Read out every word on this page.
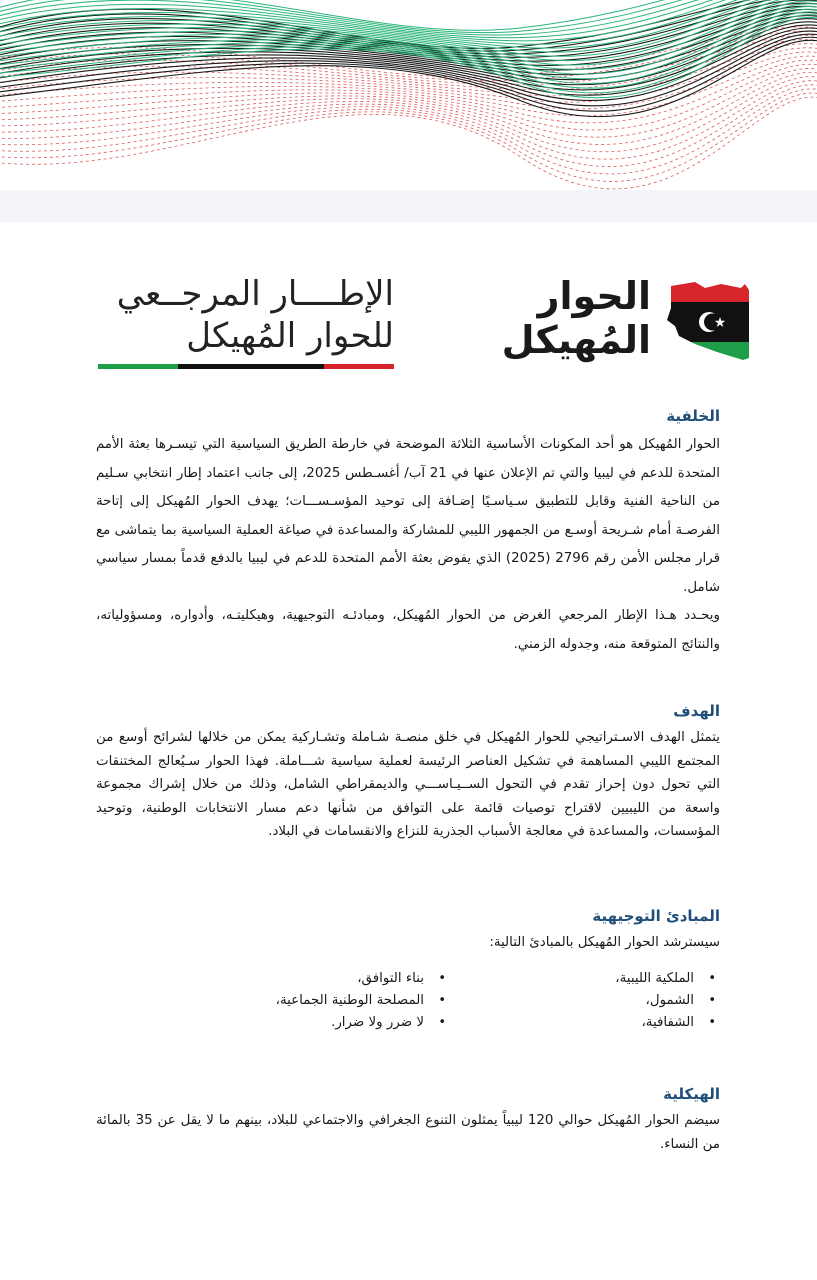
الحوار
المُهيكل
الإطــــار المرجــعي
للحوار المُهيكل
الخلفية

الحوار المُهيكل هو أحد المكونات الأساسية الثلاثة الموضحة في خارطة الطريق السياسية التي تيسـرها بعثة الأمم المتحدة للدعم في ليبيا والتي تم الإعلان عنها في 21 آب/ أغسـطس 2025، إلى جانب اعتماد إطار انتخابي سـليم من الناحية الفنية وقابل للتطبيق سـياسـيًا إضـافة إلى توحيد المؤسـســـات؛ يهدف الحوار المُهيكل إلى إتاحة الفرصـة أمام شـريحة أوسـع من الجمهور الليبي للمشاركة والمساعدة في صياغة العملية السياسية بما يتماشى مع قرار مجلس الأمن رقم 2796 (2025) الذي يفوض بعثة الأمم المتحدة للدعم في ليبيا بالدفع قدماً بمسار سياسي شامل.

ويحـدد هـذا الإطار المرجعي الغرض من الحوار المُهيكل، ومبادئـه التوجيهية، وهيكليتـه، وأدواره، ومسؤولياته، والنتائج المتوقعة منه، وجدوله الزمني.

الهدف

يتمثل الهدف الاسـتراتيجي للحوار المُهيكل في خلق منصـة شـاملة وتشـاركية يمكن من خلالها لشرائح أوسع من المجتمع الليبي المساهمة في تشكيل العناصر الرئيسة لعملية سياسية شـــاملة. فهذا الحوار سـيُعالج المختنقات التي تحول دون إحراز تقدم في التحول الســيـاســـي والديمقراطي الشامل، وذلك من خلال إشراك مجموعة واسعة من الليبيين لاقتراح توصيات قائمة على التوافق من شأنها دعم مسار الانتخابات الوطنية، وتوحيد المؤسسات، والمساعدة في معالجة الأسباب الجذرية للنزاع والانقسامات في البلاد.

المبادئ التوجيهية

سيسترشد الحوار المُهيكل بالمبادئ التالية:

• الملكية الليبية،
• الشمول،
• الشفافية،
• بناء التوافق،
• المصلحة الوطنية الجماعية،
• لا ضرر ولا ضرار.
الهيكلية

سيضم الحوار المُهيكل حوالي 120 ليبياً يمثلون التنوع الجغرافي والاجتماعي للبلاد، بينهم ما لا يقل عن 35 بالمائة من النساء.
